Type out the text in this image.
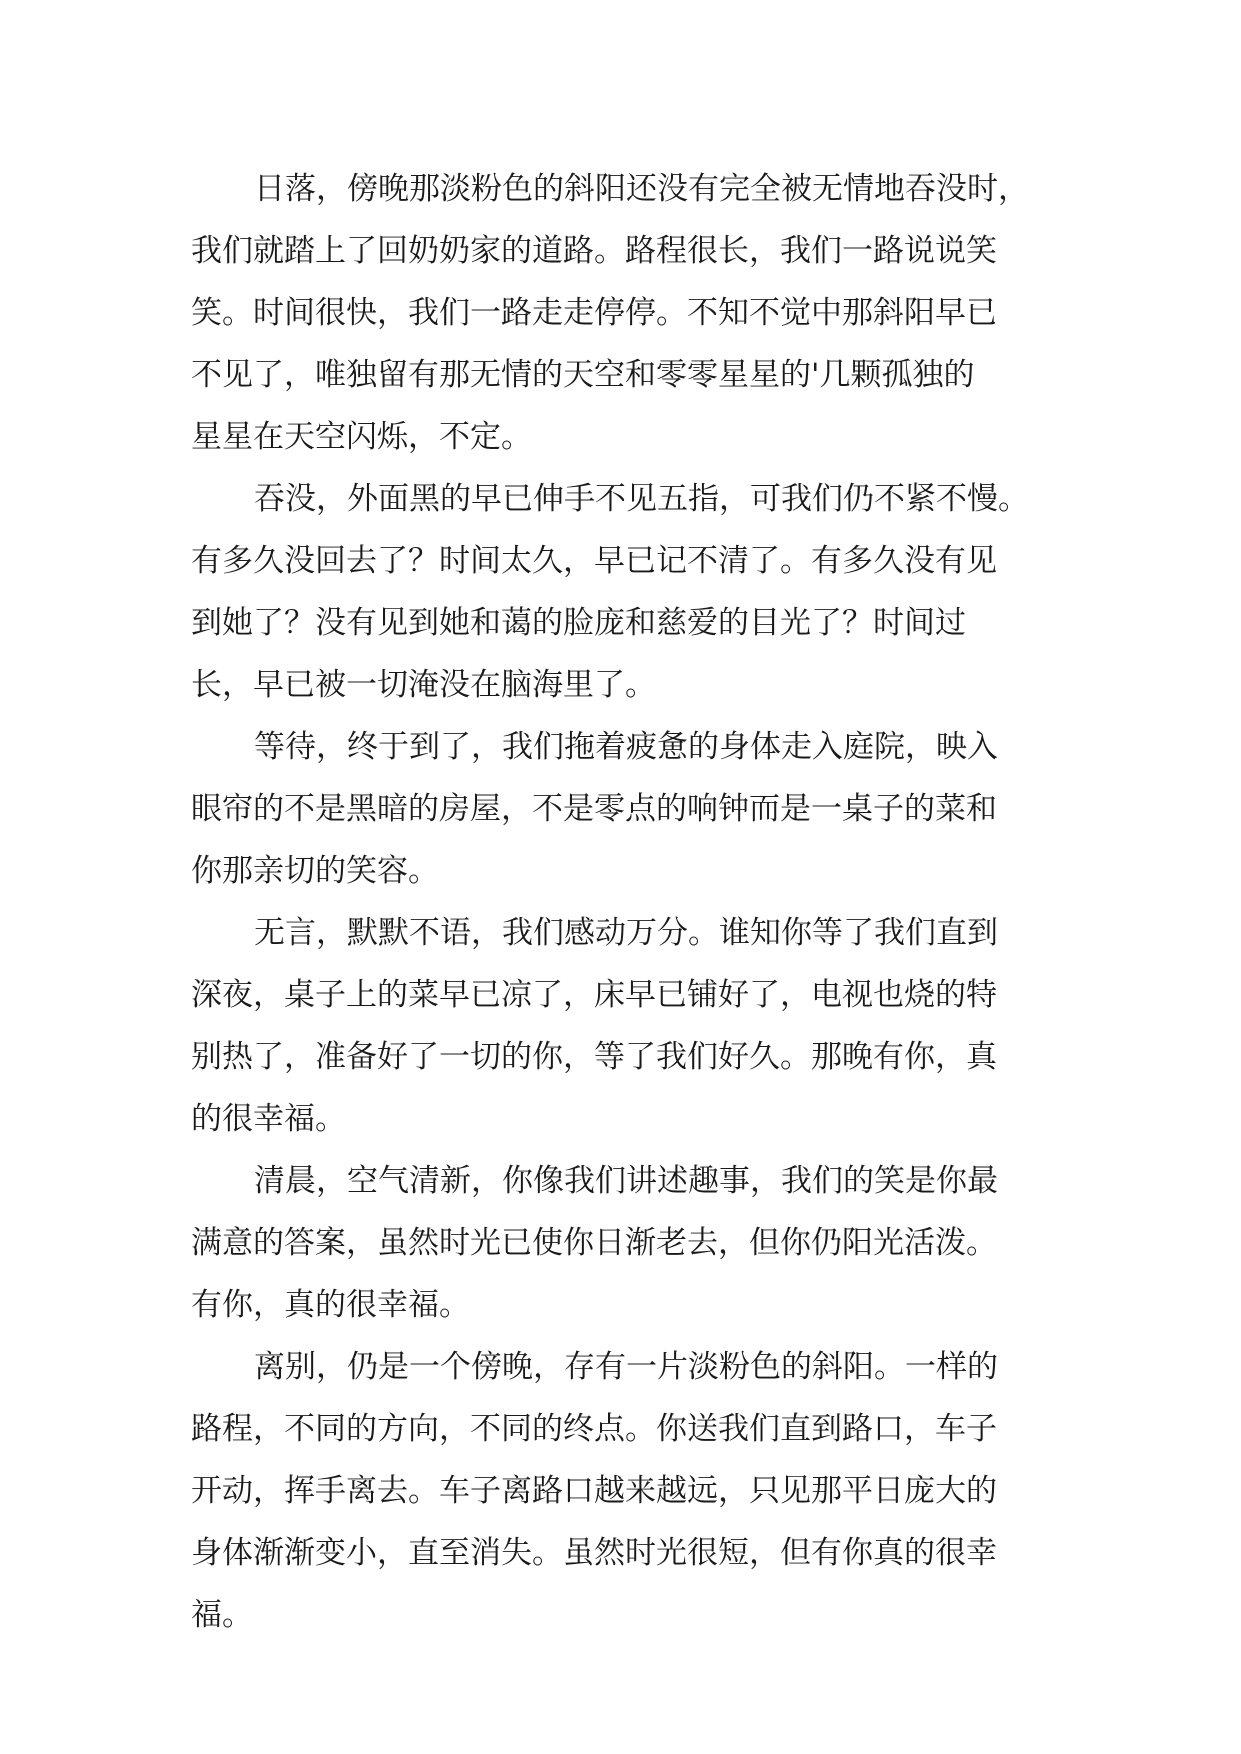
日落，傍晚那淡粉色的斜阳还没有完全被无情地吞没时，
我们就踏上了回奶奶家的道路。路程很长，我们一路说说笑
笑。时间很快，我们一路走走停停。不知不觉中那斜阳早已
不见了，唯独留有那无情的天空和零零星星的'几颗孤独的
星星在天空闪烁，不定。
吞没，外面黑的早已伸手不见五指，可我们仍不紧不慢。
有多久没回去了？时间太久，早已记不清了。有多久没有见
到她了？没有见到她和蔼的脸庞和慈爱的目光了？时间过
长，早已被一切淹没在脑海里了。
等待，终于到了，我们拖着疲惫的身体走入庭院，映入
眼帘的不是黑暗的房屋，不是零点的响钟而是一桌子的菜和
你那亲切的笑容。
无言，默默不语，我们感动万分。谁知你等了我们直到
深夜，桌子上的菜早已凉了，床早已铺好了，电视也烧的特
别热了，准备好了一切的你，等了我们好久。那晚有你，真
的很幸福。
清晨，空气清新，你像我们讲述趣事，我们的笑是你最
满意的答案，虽然时光已使你日渐老去，但你仍阳光活泼。
有你，真的很幸福。
离别，仍是一个傍晚，存有一片淡粉色的斜阳。一样的
路程，不同的方向，不同的终点。你送我们直到路口，车子
开动，挥手离去。车子离路口越来越远，只见那平日庞大的
身体渐渐变小，直至消失。虽然时光很短，但有你真的很幸
福。
